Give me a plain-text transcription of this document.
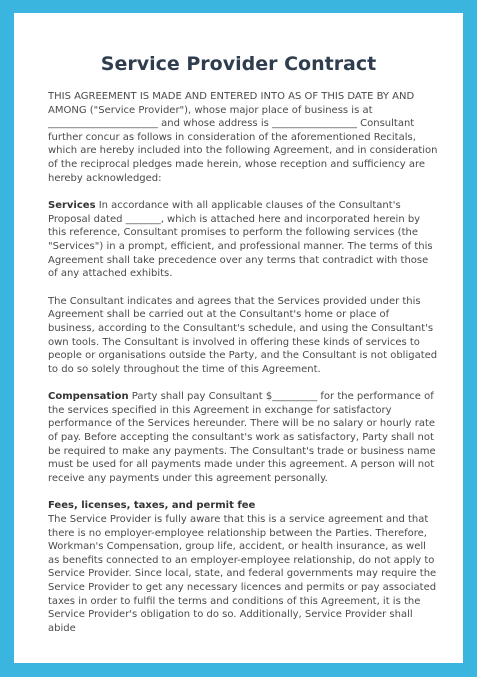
Service Provider Contract

THIS AGREEMENT IS MADE AND ENTERED INTO AS OF THIS DATE BY AND AMONG ("Service Provider"), whose major place of business is at ______________________ and whose address is _________________ Consultant further concur as follows in consideration of the aforementioned Recitals, which are hereby included into the following Agreement, and in consideration of the reciprocal pledges made herein, whose reception and sufficiency are hereby acknowledged:

Services In accordance with all applicable clauses of the Consultant's Proposal dated _______, which is attached here and incorporated herein by this reference, Consultant promises to perform the following services (the "Services") in a prompt, efficient, and professional manner. The terms of this Agreement shall take precedence over any terms that contradict with those of any attached exhibits.

The Consultant indicates and agrees that the Services provided under this Agreement shall be carried out at the Consultant's home or place of business, according to the Consultant's schedule, and using the Consultant's own tools. The Consultant is involved in offering these kinds of services to people or organisations outside the Party, and the Consultant is not obligated to do so solely throughout the time of this Agreement.

Compensation Party shall pay Consultant $_________ for the performance of the services specified in this Agreement in exchange for satisfactory performance of the Services hereunder. There will be no salary or hourly rate of pay. Before accepting the consultant's work as satisfactory, Party shall not be required to make any payments. The Consultant's trade or business name must be used for all payments made under this agreement. A person will not receive any payments under this agreement personally.

Fees, licenses, taxes, and permit fee

The Service Provider is fully aware that this is a service agreement and that there is no employer-employee relationship between the Parties. Therefore, Workman's Compensation, group life, accident, or health insurance, as well as benefits connected to an employer-employee relationship, do not apply to Service Provider. Since local, state, and federal governments may require the Service Provider to get any necessary licences and permits or pay associated taxes in order to fulfil the terms and conditions of this Agreement, it is the Service Provider's obligation to do so. Additionally, Service Provider shall abide
